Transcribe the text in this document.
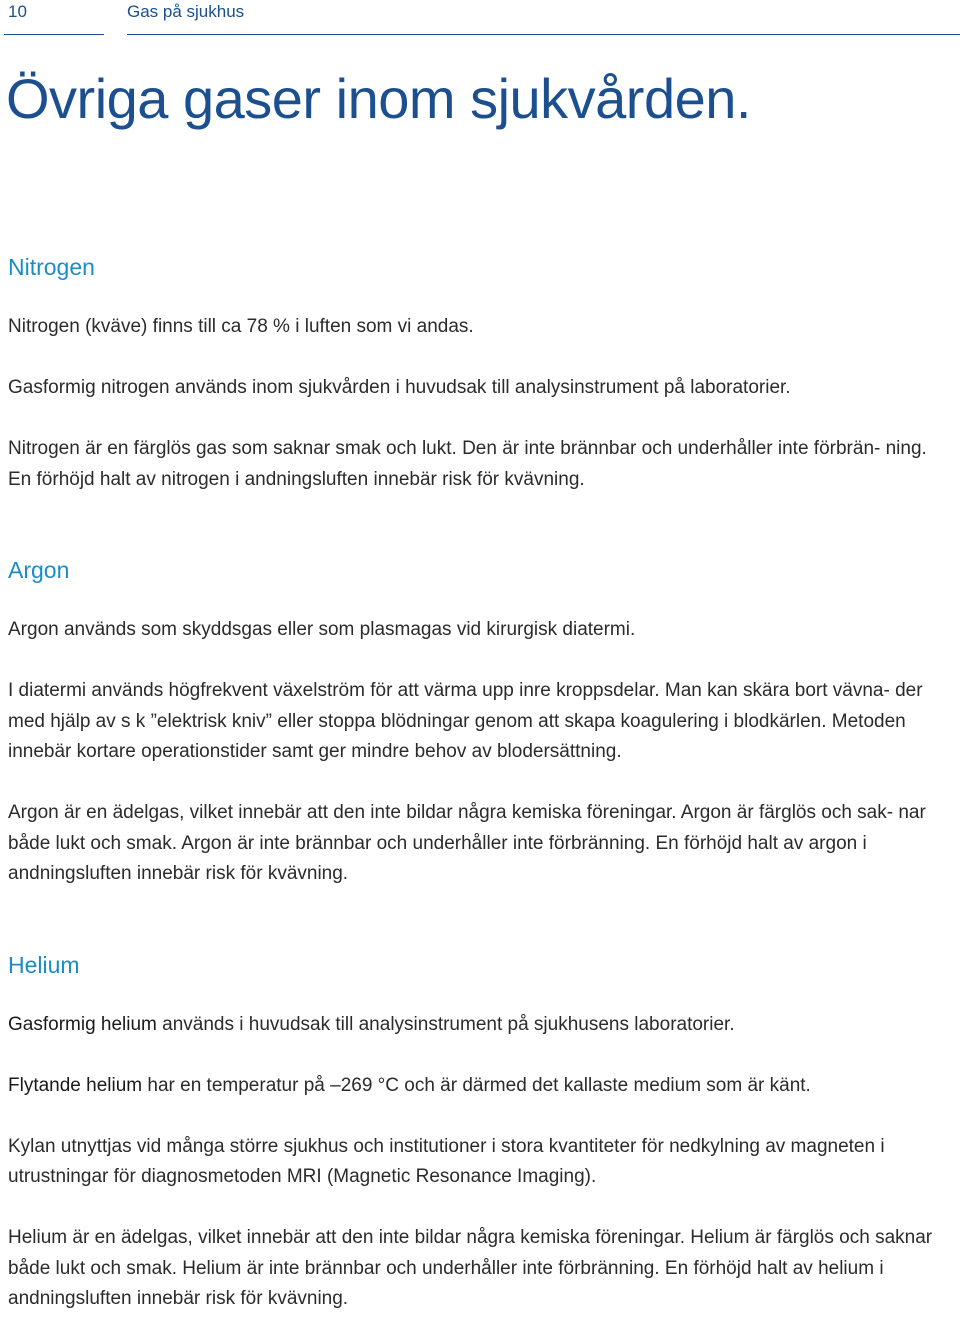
10	Gas på sjukhus
Övriga gaser inom sjukvården.
Nitrogen

Nitrogen (kväve) finns till ca 78 % i luften som vi andas.

Gasformig nitrogen används inom sjukvården i huvudsak till analysinstrument på laboratorier.

Nitrogen är en färglös gas som saknar smak och lukt. Den är inte brännbar och underhåller inte förbrän- ning. En förhöjd halt av nitrogen i andningsluften innebär risk för kvävning.

Argon

Argon används som skyddsgas eller som plasmagas vid kirurgisk diatermi.

I diatermi används högfrekvent växelström för att värma upp inre kroppsdelar. Man kan skära bort vävna- der med hjälp av s k ”elektrisk kniv” eller stoppa blödningar genom att skapa koagulering i blodkärlen. Metoden innebär kortare operationstider samt ger mindre behov av blodersättning.

Argon är en ädelgas, vilket innebär att den inte bildar några kemiska föreningar. Argon är färglös och sak- nar både lukt och smak. Argon är inte brännbar och underhåller inte förbränning. En förhöjd halt av argon i andningsluften innebär risk för kvävning.

Helium

Gasformig helium används i huvudsak till analysinstrument på sjukhusens laboratorier.

Flytande helium har en temperatur på –269 °C och är därmed det kallaste medium som är känt.

Kylan utnyttjas vid många större sjukhus och institutioner i stora kvantiteter för nedkylning av magneten i utrustningar för diagnosmetoden MRI (Magnetic Resonance Imaging).

Helium är en ädelgas, vilket innebär att den inte bildar några kemiska föreningar. Helium är färglös och saknar både lukt och smak. Helium är inte brännbar och underhåller inte förbränning. En förhöjd halt av helium i andningsluften innebär risk för kvävning.
